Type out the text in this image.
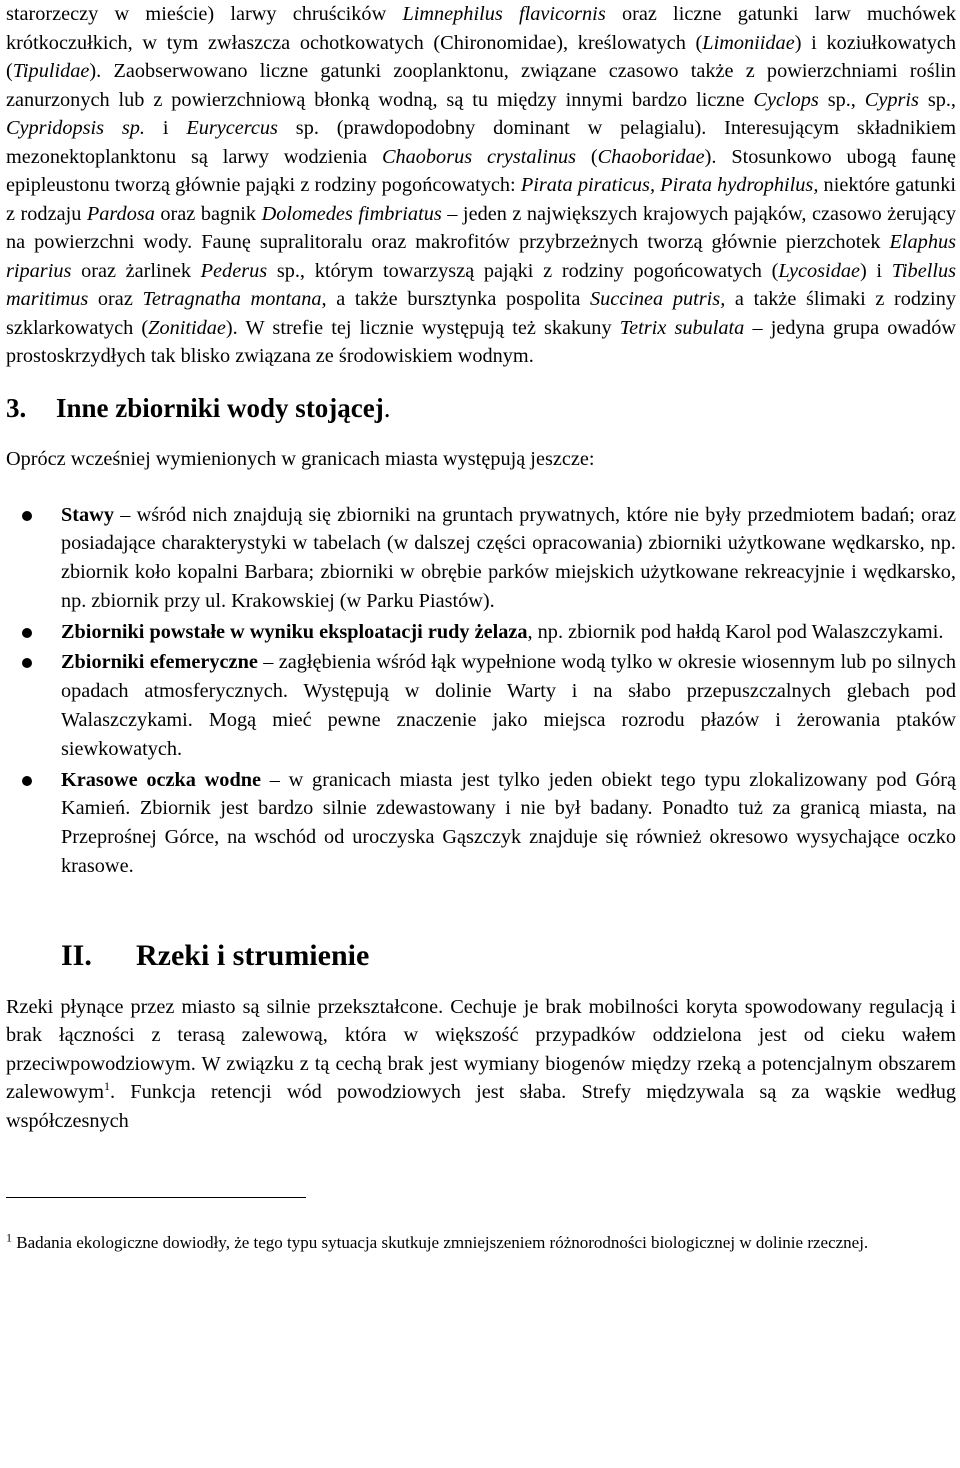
starorzeczy w mieście) larwy chruścików Limnephilus flavicornis oraz liczne gatunki larw muchówek krótkoczułkich, w tym zwłaszcza ochotkowatych (Chironomidae), kreślowatych (Limoniidae) i koziułkowatych (Tipulidae). Zaobserwowano liczne gatunki zooplanktonu, związane czasowo także z powierzchniami roślin zanurzonych lub z powierzchniową błonką wodną, są tu między innymi bardzo liczne Cyclops sp., Cypris sp., Cypridopsis sp. i Eurycercus sp. (prawdopodobny dominant w pelagialu). Interesującym składnikiem mezonektoplanktonu są larwy wodzienia Chaoborus crystalinus (Chaoboridae). Stosunkowo ubogą faunę epipleustonu tworzą głównie pająki z rodziny pogońcowatych: Pirata piraticus, Pirata hydrophilus, niektóre gatunki z rodzaju Pardosa oraz bagnik Dolomedes fimbriatus – jeden z największych krajowych pająków, czasowo żerujący na powierzchni wody. Faunę supralitoralu oraz makrofitów przybrzeżnych tworzą głównie pierzchotek Elaphus riparius oraz żarlinek Pederus sp., którym towarzyszą pająki z rodziny pogońcowatych (Lycosidae) i Tibellus maritimus oraz Tetragnatha montana, a także bursztynka pospolita Succinea putris, a także ślimaki z rodziny szklarkowatych (Zonitidae). W strefie tej licznie występują też skakuny Tetrix subulata – jedyna grupa owadów prostoskrzydłych tak blisko związana ze środowiskiem wodnym.

3. Inne zbiorniki wody stojącej.

Oprócz wcześniej wymienionych w granicach miasta występują jeszcze:

Stawy – wśród nich znajdują się zbiorniki na gruntach prywatnych, które nie były przedmiotem badań; oraz posiadające charakterystyki w tabelach (w dalszej części opracowania) zbiorniki użytkowane wędkarsko, np. zbiornik koło kopalni Barbara; zbiorniki w obrębie parków miejskich użytkowane rekreacyjnie i wędkarsko, np. zbiornik przy ul. Krakowskiej (w Parku Piastów).
Zbiorniki powstałe w wyniku eksploatacji rudy żelaza, np. zbiornik pod hałdą Karol pod Walaszczykami.
Zbiorniki efemeryczne – zagłębienia wśród łąk wypełnione wodą tylko w okresie wiosennym lub po silnych opadach atmosferycznych. Występują w dolinie Warty i na słabo przepuszczalnych glebach pod Walaszczykami. Mogą mieć pewne znaczenie jako miejsca rozrodu płazów i żerowania ptaków siewkowatych.
Krasowe oczka wodne – w granicach miasta jest tylko jeden obiekt tego typu zlokalizowany pod Górą Kamień. Zbiornik jest bardzo silnie zdewastowany i nie był badany. Ponadto tuż za granicą miasta, na Przeprośnej Górce, na wschód od uroczyska Gąszczyk znajduje się również okresowo wysychające oczko krasowe.
II. Rzeki i strumienie

Rzeki płynące przez miasto są silnie przekształcone. Cechuje je brak mobilności koryta spowodowany regulacją i brak łączności z terasą zalewową, która w większość przypadków oddzielona jest od cieku wałem przeciwpowodziowym. W związku z tą cechą brak jest wymiany biogenów między rzeką a potencjalnym obszarem zalewowym$^1$. Funkcja retencji wód powodziowych jest słaba. Strefy międzywala są za wąskie według współczesnych

$^1$ Badania ekologiczne dowiodły, że tego typu sytuacja skutkuje zmniejszeniem różnorodności biologicznej w dolinie rzecznej.
